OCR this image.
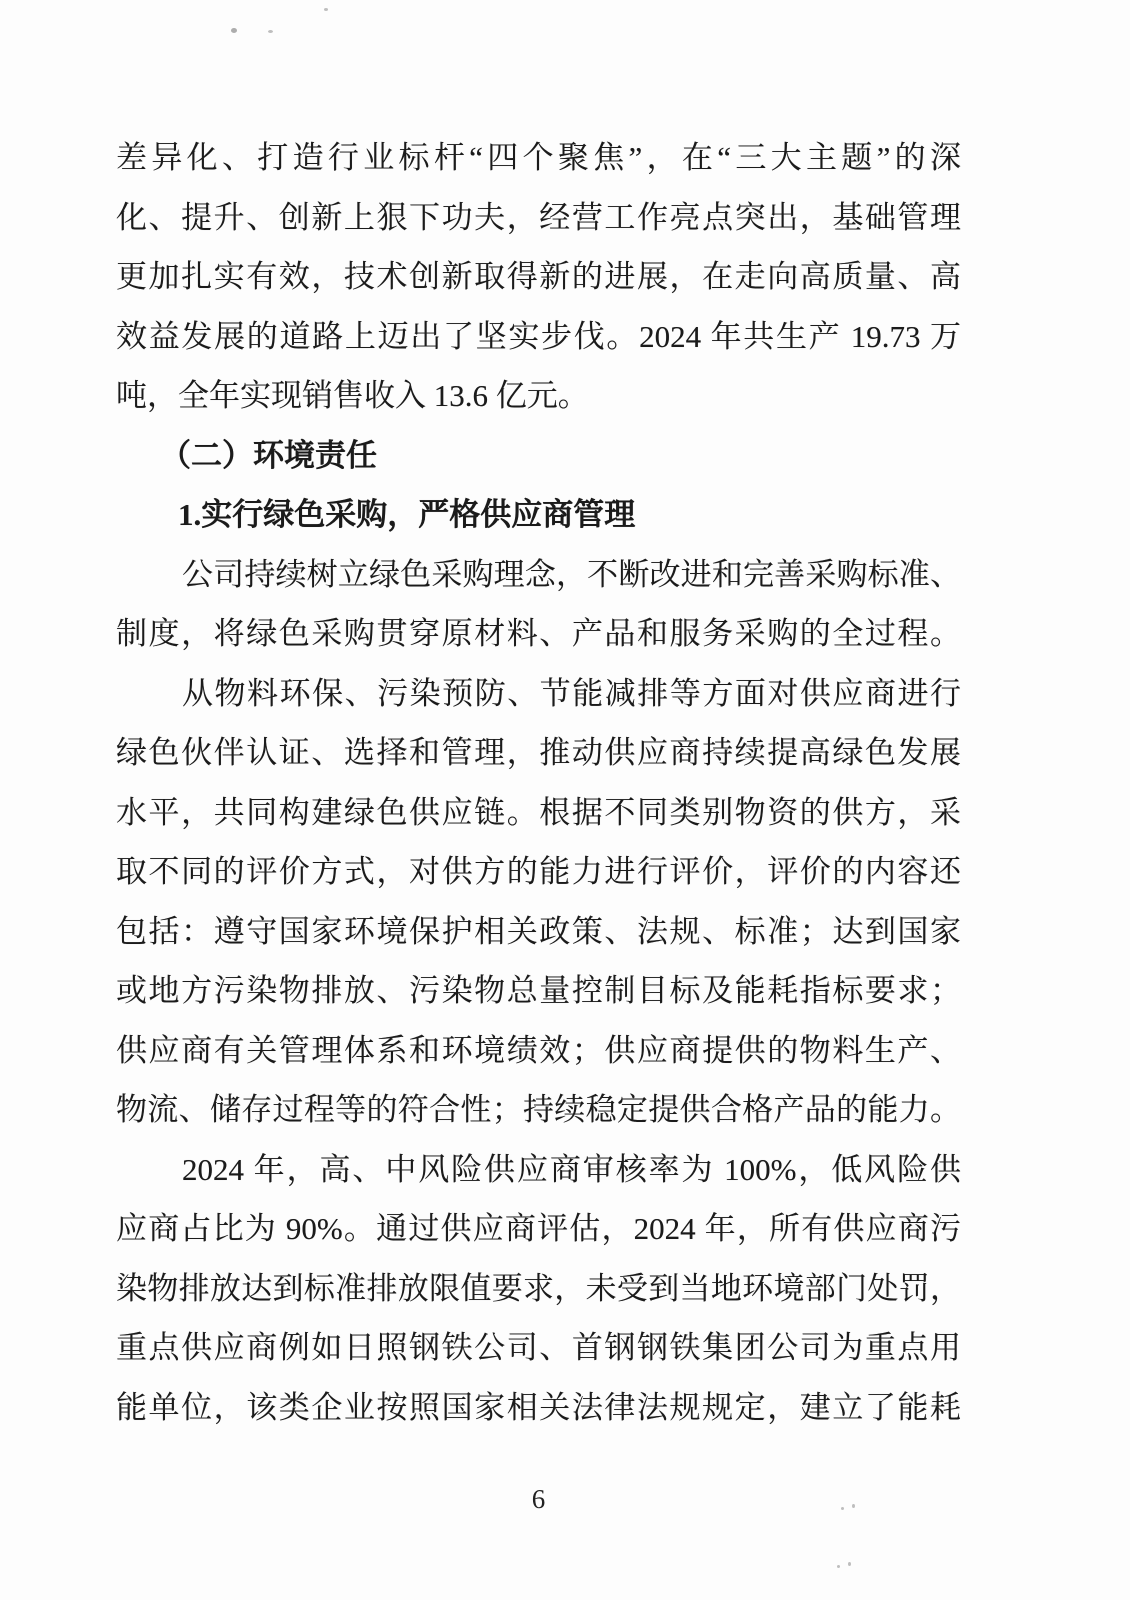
差异化、打造行业标杆“四个聚焦”，在“三大主题”的深
化、提升、创新上狠下功夫，经营工作亮点突出，基础管理
更加扎实有效，技术创新取得新的进展，在走向高质量、高
效益发展的道路上迈出了坚实步伐。2024 年共生产 19.73 万
吨，全年实现销售收入 13.6 亿元。
（二）环境责任
1.实行绿色采购，严格供应商管理
公司持续树立绿色采购理念，不断改进和完善采购标准、
制度，将绿色采购贯穿原材料、产品和服务采购的全过程。
从物料环保、污染预防、节能减排等方面对供应商进行
绿色伙伴认证、选择和管理，推动供应商持续提高绿色发展
水平，共同构建绿色供应链。根据不同类别物资的供方，采
取不同的评价方式，对供方的能力进行评价，评价的内容还
包括：遵守国家环境保护相关政策、法规、标准；达到国家
或地方污染物排放、污染物总量控制目标及能耗指标要求；
供应商有关管理体系和环境绩效；供应商提供的物料生产、
物流、储存过程等的符合性；持续稳定提供合格产品的能力。
2024 年，高、中风险供应商审核率为 100%，低风险供
应商占比为 90%。通过供应商评估，2024 年，所有供应商污
染物排放达到标准排放限值要求，未受到当地环境部门处罚，
重点供应商例如日照钢铁公司、首钢钢铁集团公司为重点用
能单位，该类企业按照国家相关法律法规规定，建立了能耗
6
